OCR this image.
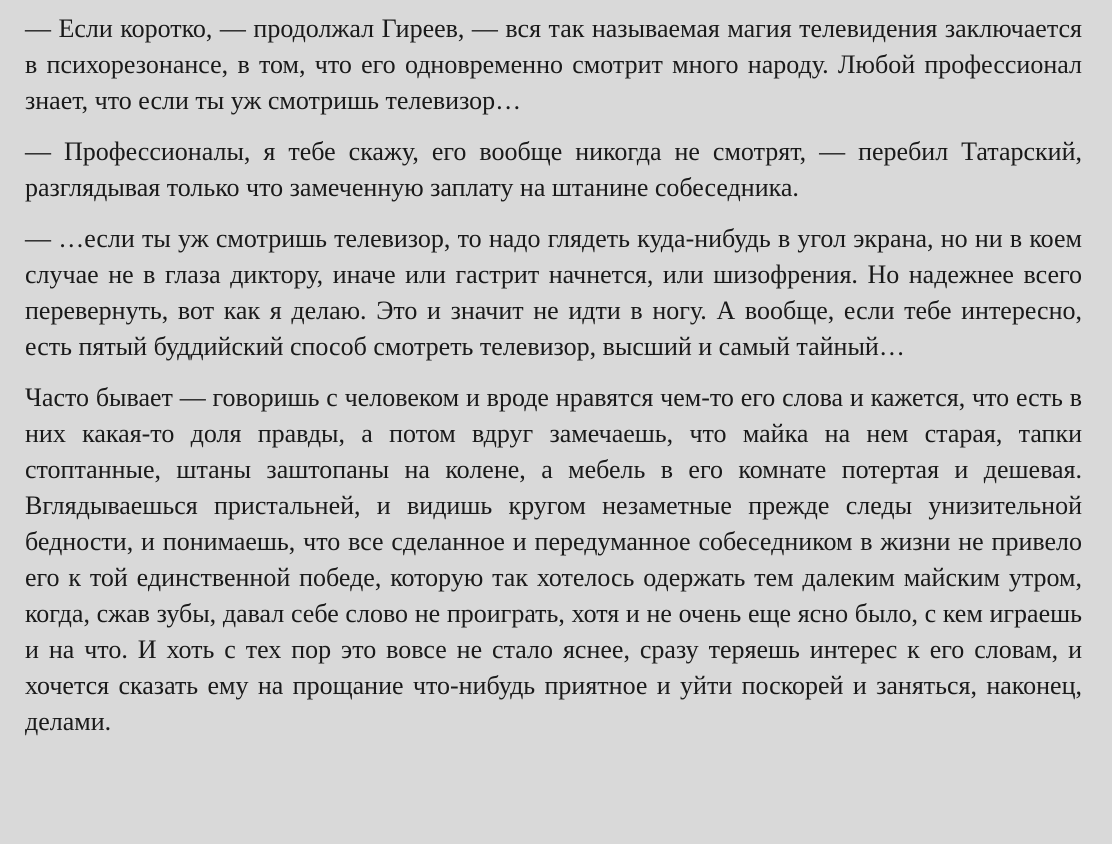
— Если коротко, — продолжал Гиреев, — вся так называемая магия телевидения заключается в психорезонансе, в том, что его одновременно смотрит много народу. Любой профессионал знает, что если ты уж смотришь телевизор…

— Профессионалы, я тебе скажу, его вообще никогда не смотрят, — перебил Татарский, разглядывая только что замеченную заплату на штанине собеседника.

— …если ты уж смотришь телевизор, то надо глядеть куда-нибудь в угол экрана, но ни в коем случае не в глаза диктору, иначе или гастрит начнется, или шизофрения. Но надежнее всего перевернуть, вот как я делаю. Это и значит не идти в ногу. А вообще, если тебе интересно, есть пятый буддийский способ смотреть телевизор, высший и самый тайный…

Часто бывает — говоришь с человеком и вроде нравятся чем-то его слова и кажется, что есть в них какая-то доля правды, а потом вдруг замечаешь, что майка на нем старая, тапки стоптанные, штаны заштопаны на колене, а мебель в его комнате потертая и дешевая. Вглядываешься пристальней, и видишь кругом незаметные прежде следы унизительной бедности, и понимаешь, что все сделанное и передуманное собеседником в жизни не привело его к той единственной победе, которую так хотелось одержать тем далеким майским утром, когда, сжав зубы, давал себе слово не проиграть, хотя и не очень еще ясно было, с кем играешь и на что. И хоть с тех пор это вовсе не стало яснее, сразу теряешь интерес к его словам, и хочется сказать ему на прощание что-нибудь приятное и уйти поскорей и заняться, наконец, делами.
